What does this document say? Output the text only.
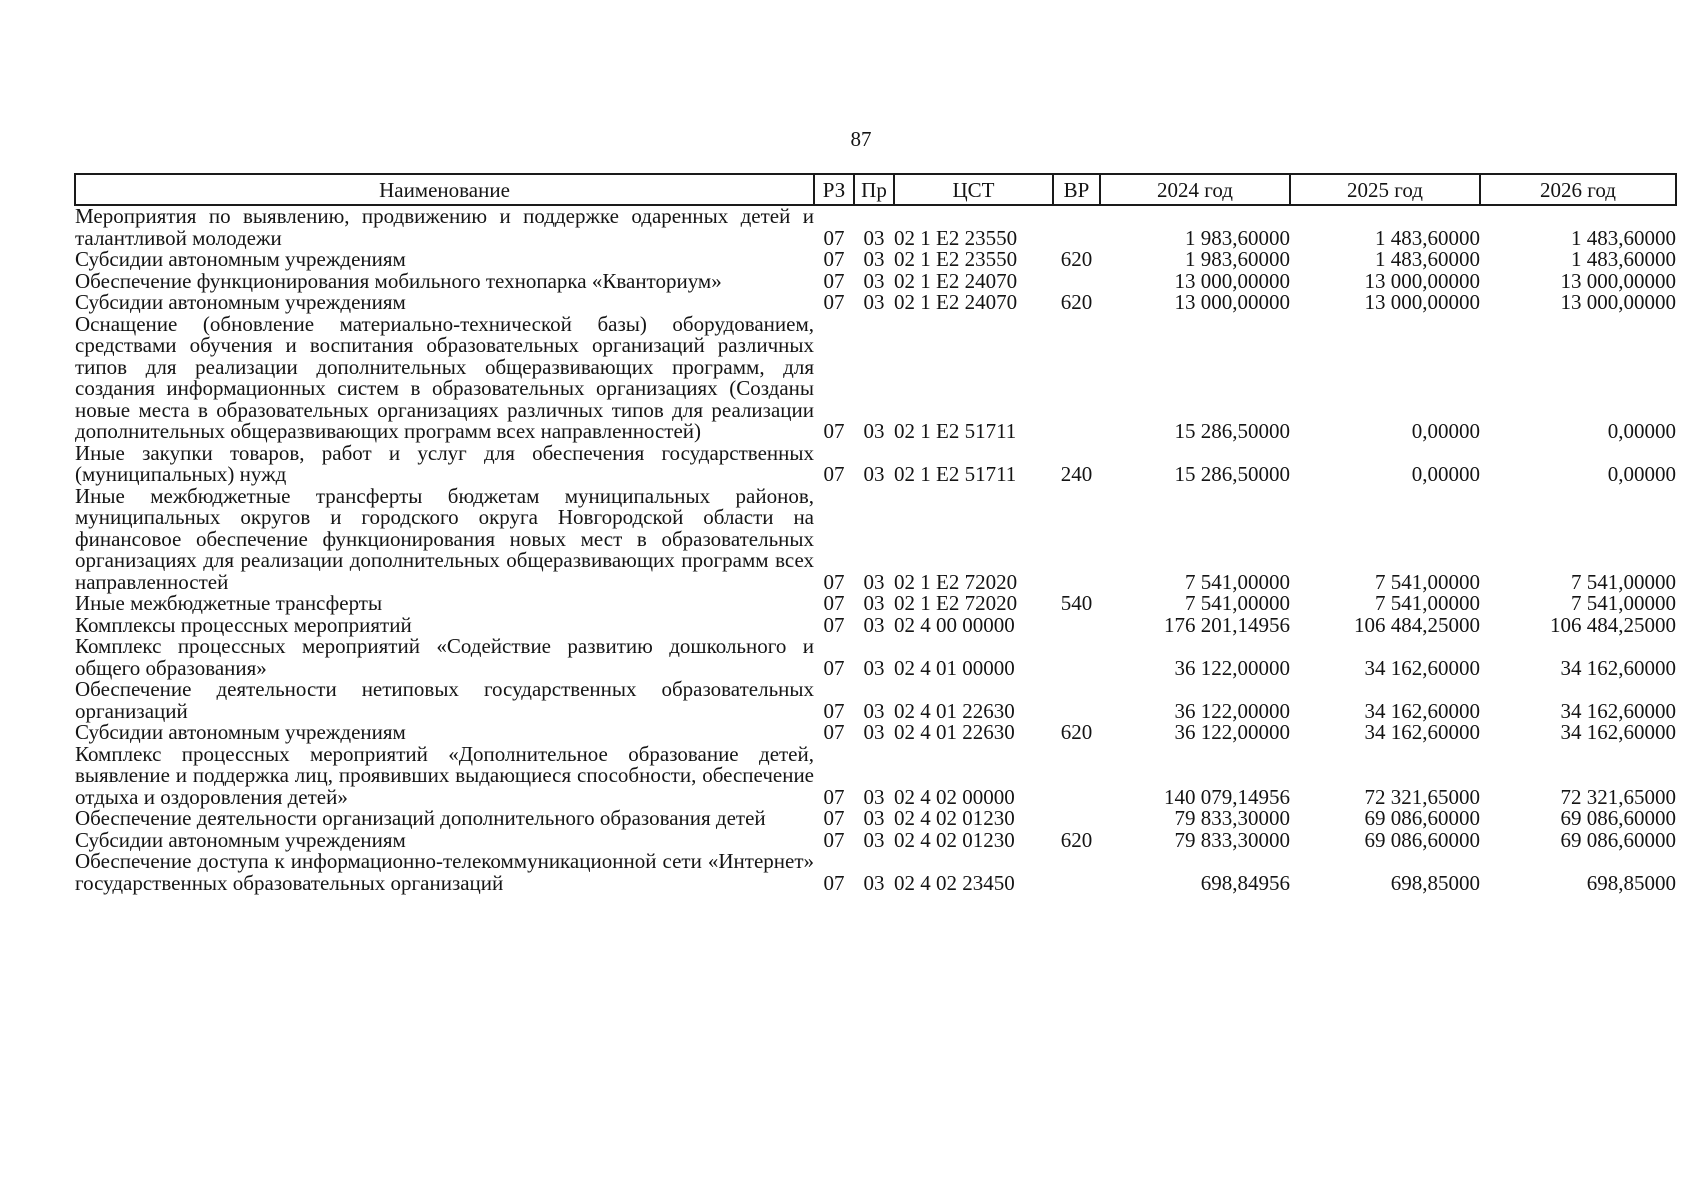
87
Наименование	РЗ	Пр	ЦСТ	ВР	2024 год	2025 год	2026 год
Мероприятия по выявлению, продвижению и поддержке одаренных детей и талантливой молодежи	07	03	02 1 Е2 23550		1 983,60000	1 483,60000	1 483,60000
Субсидии автономным учреждениям	07	03	02 1 Е2 23550	620	1 983,60000	1 483,60000	1 483,60000
Обеспечение функционирования мобильного технопарка «Кванториум»	07	03	02 1 Е2 24070		13 000,00000	13 000,00000	13 000,00000
Субсидии автономным учреждениям	07	03	02 1 Е2 24070	620	13 000,00000	13 000,00000	13 000,00000
Оснащение (обновление материально-технической базы) оборудованием, средствами обучения и воспитания образовательных организаций различных типов для реализации дополнительных общеразвивающих программ, для создания информационных систем в образовательных организациях (Созданы новые места в образовательных организациях различных типов для реализации дополнительных общеразвивающих программ всех направленностей)	07	03	02 1 Е2 51711		15 286,50000	0,00000	0,00000
Иные закупки товаров, работ и услуг для обеспечения государственных (муниципальных) нужд	07	03	02 1 Е2 51711	240	15 286,50000	0,00000	0,00000
Иные межбюджетные трансферты бюджетам муниципальных районов, муниципальных округов и городского округа Новгородской области на финансовое обеспечение функционирования новых мест в образовательных организациях для реализации дополнительных общеразвивающих программ всех направленностей	07	03	02 1 Е2 72020		7 541,00000	7 541,00000	7 541,00000
Иные межбюджетные трансферты	07	03	02 1 Е2 72020	540	7 541,00000	7 541,00000	7 541,00000
Комплексы процессных мероприятий	07	03	02 4 00 00000		176 201,14956	106 484,25000	106 484,25000
Комплекс процессных мероприятий «Содействие развитию дошкольного и общего образования»	07	03	02 4 01 00000		36 122,00000	34 162,60000	34 162,60000
Обеспечение деятельности нетиповых государственных образовательных организаций	07	03	02 4 01 22630		36 122,00000	34 162,60000	34 162,60000
Субсидии автономным учреждениям	07	03	02 4 01 22630	620	36 122,00000	34 162,60000	34 162,60000
Комплекс процессных мероприятий «Дополнительное образование детей, выявление и поддержка лиц, проявивших выдающиеся способности, обеспечение отдыха и оздоровления детей»	07	03	02 4 02 00000		140 079,14956	72 321,65000	72 321,65000
Обеспечение деятельности организаций дополнительного образования детей	07	03	02 4 02 01230		79 833,30000	69 086,60000	69 086,60000
Субсидии автономным учреждениям	07	03	02 4 02 01230	620	79 833,30000	69 086,60000	69 086,60000
Обеспечение доступа к информационно-телекоммуникационной сети «Интернет» государственных образовательных организаций	07	03	02 4 02 23450		698,84956	698,85000	698,85000
